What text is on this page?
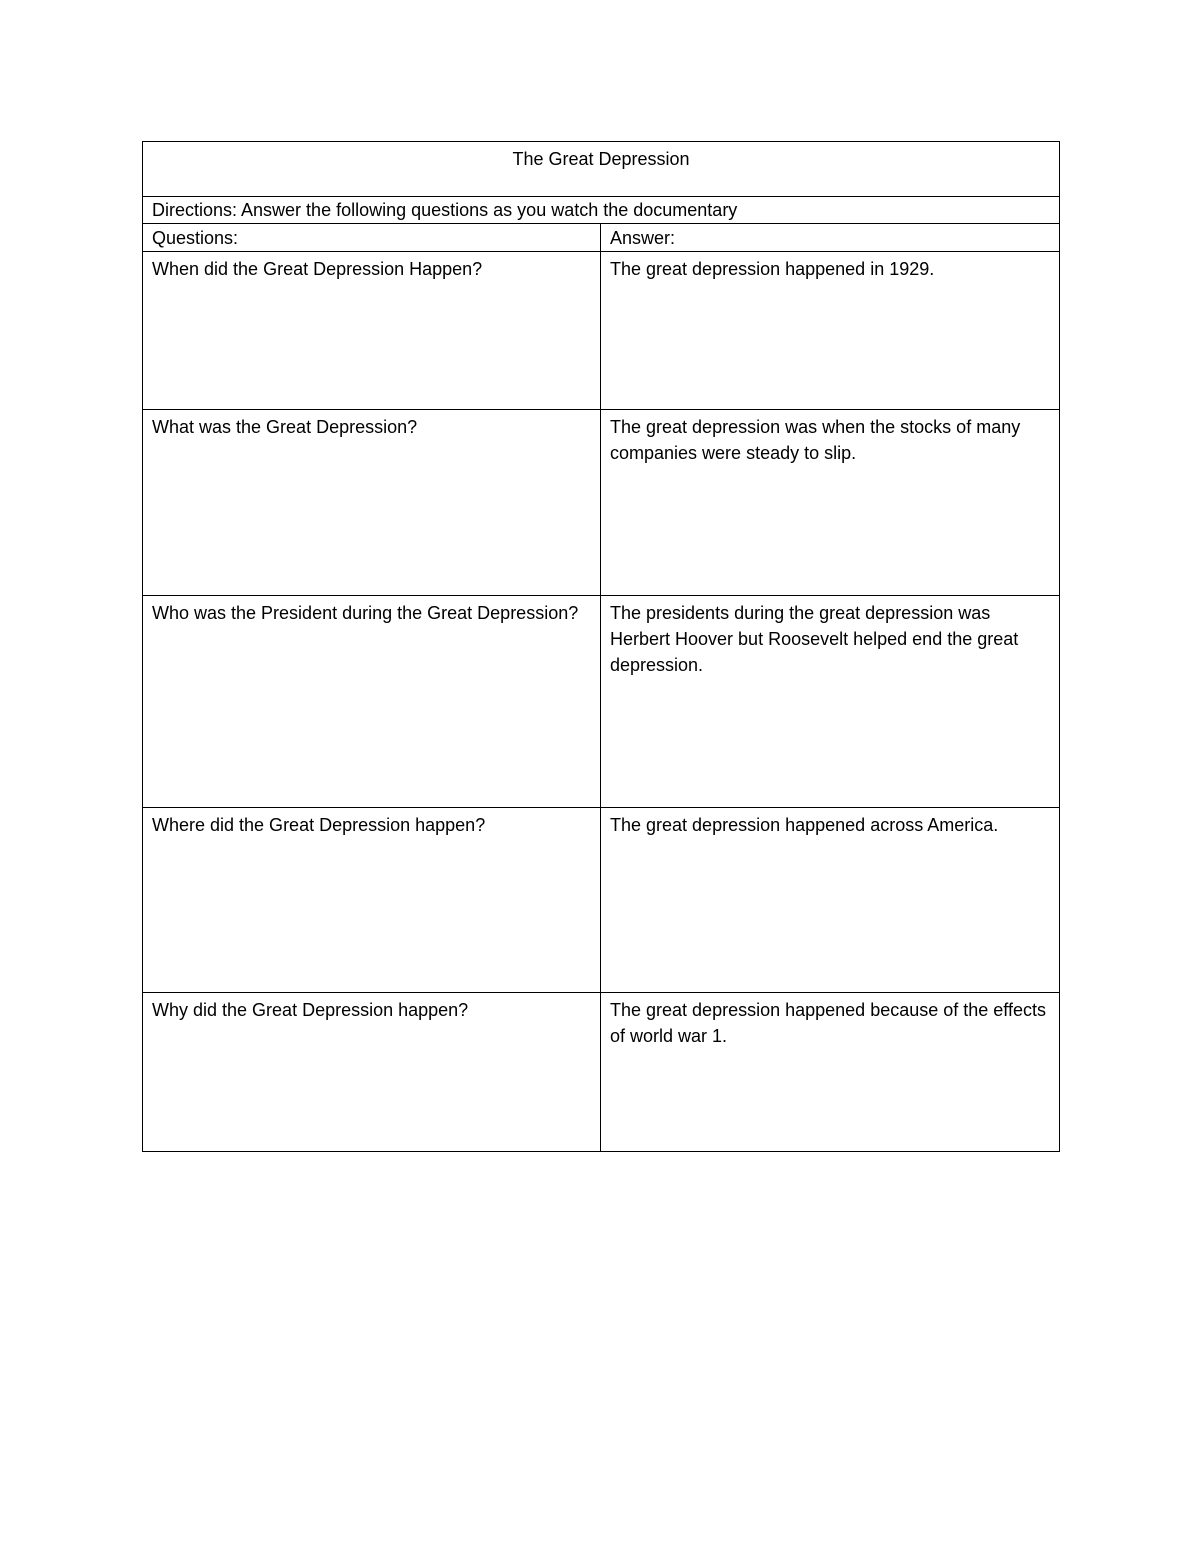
The Great Depression	
Directions: Answer the following questions as you watch the documentary	
Questions:	Answer:

When did the Great Depression Happen?	The great depression happened in 1929.

What was the Great Depression?	The great depression was when the stocks of many companies were steady to slip.

Who was the President during the Great Depression?	The presidents during the great depression was Herbert Hoover but Roosevelt helped end the great depression.

Where did the Great Depression happen?	The great depression happened across America.

Why did the Great Depression happen?	The great depression happened because of the effects of world war 1.
